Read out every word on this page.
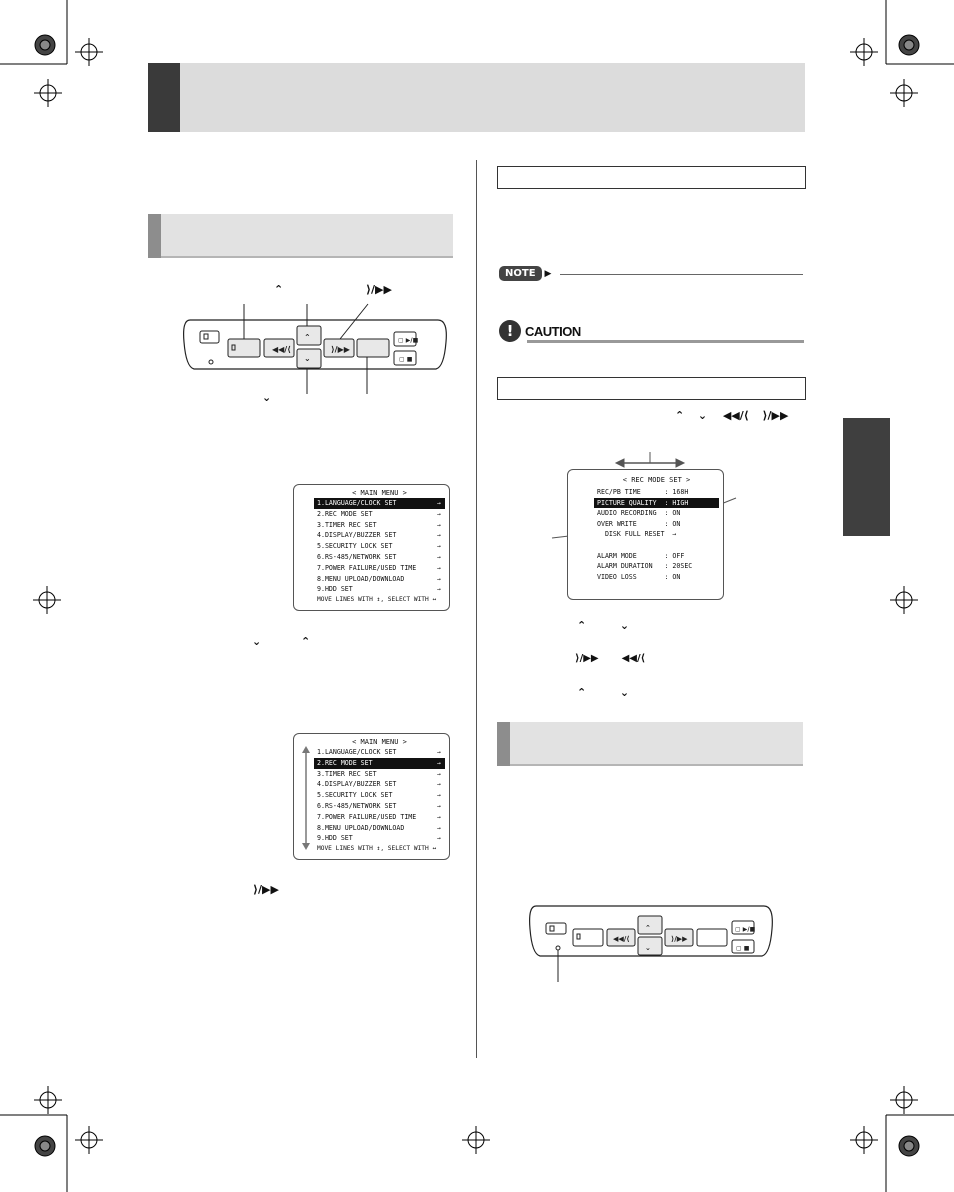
◀◀/⟨	⟩/▶▶
⌃
⌄
▢ ▶/■
▢ ■
⌃	⟩/▶▶
⌄
< MAIN MENU >
1.LANGUAGE/CLOCK SET	→
2.REC MODE SET	→
3.TIMER REC SET	→
4.DISPLAY/BUZZER SET	→
5.SECURITY LOCK SET	→
6.RS-485/NETWORK SET	→
7.POWER FAILURE/USED TIME	→
8.MENU UPLOAD/DOWNLOAD	→
9.HDD SET	→
MOVE LINES WITH ↕, SELECT WITH ↔
⌄	⌃
< MAIN MENU >
1.LANGUAGE/CLOCK SET	→
2.REC MODE SET	→
3.TIMER REC SET	→
4.DISPLAY/BUZZER SET	→
5.SECURITY LOCK SET	→
6.RS-485/NETWORK SET	→
7.POWER FAILURE/USED TIME	→
8.MENU UPLOAD/DOWNLOAD	→
9.HDD SET	→
MOVE LINES WITH ↕, SELECT WITH ↔
⟩/▶▶
NOTE	▶
! CAUTION
⌃ ⌄ ◀◀/⟨ ⟩/▶▶
< REC MODE SET >
REC/PB TIME      : 168H
PICTURE QUALITY  : HIGH
AUDIO RECORDING  : ON
OVER WRITE       : ON
DISK FULL RESET  →
ALARM MODE       : OFF
ALARM DURATION   : 20SEC
VIDEO LOSS       : ON
⌃	⌄
⟩/▶▶ ◀◀/⟨
⌃	⌄
◀◀/⟨	⟩/▶▶
⌃
⌄
▢ ▶/■
▢ ■
